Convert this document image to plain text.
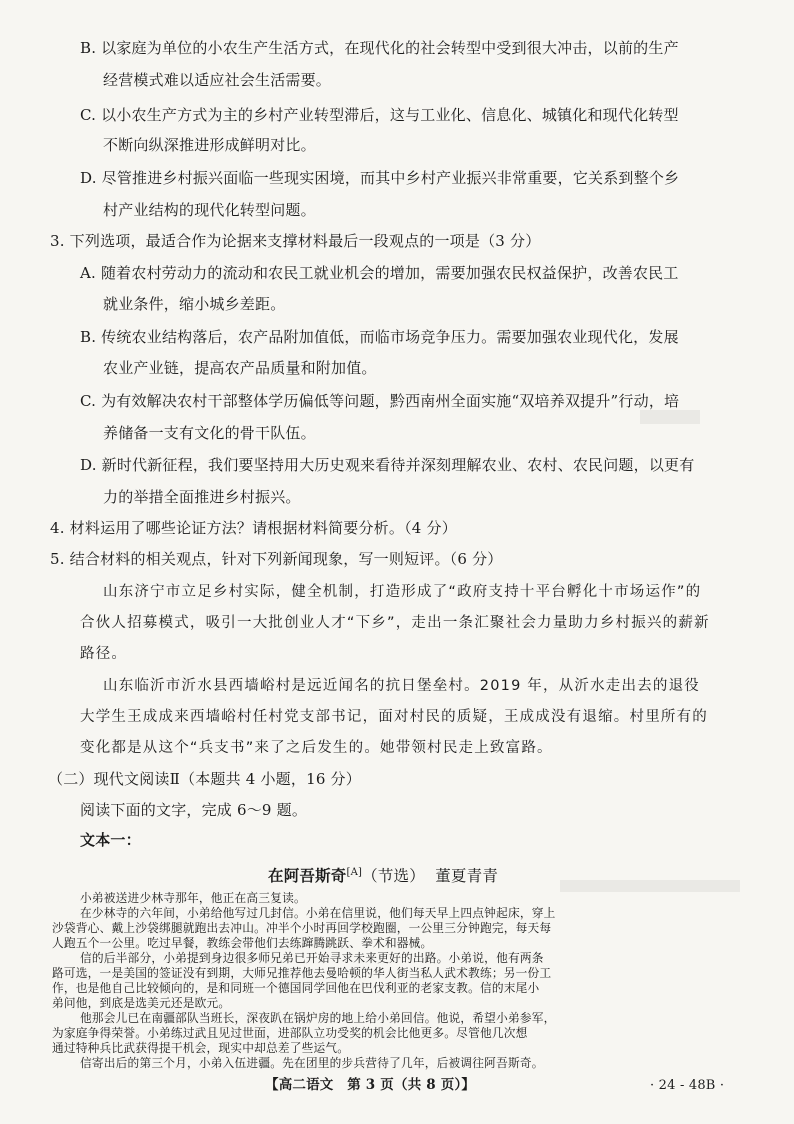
B. 以家庭为单位的小农生产生活方式，在现代化的社会转型中受到很大冲击，以前的生产
经营模式难以适应社会生活需要。
C. 以小农生产方式为主的乡村产业转型滞后，这与工业化、信息化、城镇化和现代化转型
不断向纵深推进形成鲜明对比。
D. 尽管推进乡村振兴面临一些现实困境，而其中乡村产业振兴非常重要，它关系到整个乡
村产业结构的现代化转型问题。
3. 下列选项，最适合作为论据来支撑材料最后一段观点的一项是（3 分）
A. 随着农村劳动力的流动和农民工就业机会的增加，需要加强农民权益保护，改善农民工
就业条件，缩小城乡差距。
B. 传统农业结构落后，农产品附加值低，而临市场竞争压力。需要加强农业现代化，发展
农业产业链，提高农产品质量和附加值。
C. 为有效解决农村干部整体学历偏低等问题，黔西南州全面实施“双培养双提升”行动，培
养储备一支有文化的骨干队伍。
D. 新时代新征程，我们要坚持用大历史观来看待并深刻理解农业、农村、农民问题，以更有
力的举措全面推进乡村振兴。
4. 材料运用了哪些论证方法？请根据材料简要分析。（4 分）
5. 结合材料的相关观点，针对下列新闻现象，写一则短评。（6 分）
山东济宁市立足乡村实际，健全机制，打造形成了“政府支持十平台孵化十市场运作”的
合伙人招募模式，吸引一大批创业人才“下乡”，走出一条汇聚社会力量助力乡村振兴的薪新
路径。
山东临沂市沂水县西墙峪村是远近闻名的抗日堡垒村。2019 年，从沂水走出去的退役
大学生王成成来西墙峪村任村党支部书记，面对村民的质疑，王成成没有退缩。村里所有的
变化都是从这个“兵支书”来了之后发生的。她带领村民走上致富路。
（二）现代文阅读Ⅱ（本题共 4 小题，16 分）
阅读下面的文字，完成 6～9 题。
文本一：
在阿吾斯奇[A]（节选） 董夏青青
小弟被送进少林寺那年，他正在高三复读。
在少林寺的六年间，小弟给他写过几封信。小弟在信里说，他们每天早上四点钟起床，穿上
沙袋背心、戴上沙袋绑腿就跑出去冲山。冲半个小时再回学校跑圈，一公里三分钟跑完，每天每
人跑五个一公里。吃过早餐，教练会带他们去练蹿腾跳跃、拳术和器械。
【高二语文　第 3 页（共 8 页）】	· 24 - 48B ·
信的后半部分，小弟提到身边很多师兄弟已开始寻求未来更好的出路。小弟说，他有两条
路可选，一是美国的签证没有到期，大师兄推荐他去曼哈顿的华人街当私人武术教练；另一份工
作，也是他自己比较倾向的，是和同班一个德国同学回他在巴伐利亚的老家支教。信的末尾小
弟问他，到底是选美元还是欧元。
他那会儿已在南疆部队当班长，深夜趴在锅炉房的地上给小弟回信。他说，希望小弟参军，
为家庭争得荣誉。小弟练过武且见过世面，进部队立功受奖的机会比他更多。尽管他几次想
通过特种兵比武获得提干机会，现实中却总差了些运气。
信寄出后的第三个月，小弟入伍进疆。先在团里的步兵营待了几年，后被调往阿吾斯奇。
